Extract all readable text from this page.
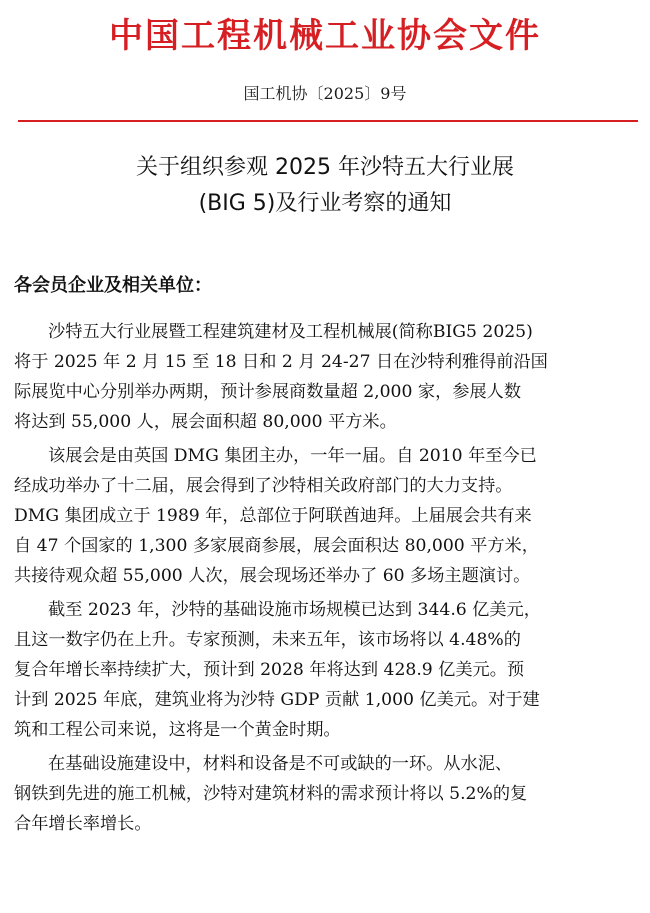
中国工程机械工业协会文件
国工机协〔2025〕9号
关于组织参观 2025 年沙特五大行业展
(BIG 5)及行业考察的通知
各会员企业及相关单位：
沙特五大行业展暨工程建筑建材及工程机械展(简称BIG5 2025)
将于 2025 年 2 月 15 至 18 日和 2 月 24-27 日在沙特利雅得前沿国
际展览中心分别举办两期，预计参展商数量超 2,000 家，参展人数
将达到 55,000 人，展会面积超 80,000 平方米。
该展会是由英国 DMG 集团主办，一年一届。自 2010 年至今已
经成功举办了十二届，展会得到了沙特相关政府部门的大力支持。
DMG 集团成立于 1989 年，总部位于阿联酋迪拜。上届展会共有来
自 47 个国家的 1,300 多家展商参展，展会面积达 80,000 平方米，
共接待观众超 55,000 人次，展会现场还举办了 60 多场主题演讨。
截至 2023 年，沙特的基础设施市场规模已达到 344.6 亿美元，
且这一数字仍在上升。专家预测，未来五年，该市场将以 4.48%的
复合年增长率持续扩大，预计到 2028 年将达到 428.9 亿美元。预
计到 2025 年底，建筑业将为沙特 GDP 贡献 1,000 亿美元。对于建
筑和工程公司来说，这将是一个黄金时期。
在基础设施建设中，材料和设备是不可或缺的一环。从水泥、
钢铁到先进的施工机械，沙特对建筑材料的需求预计将以 5.2%的复
合年增长率增长。
